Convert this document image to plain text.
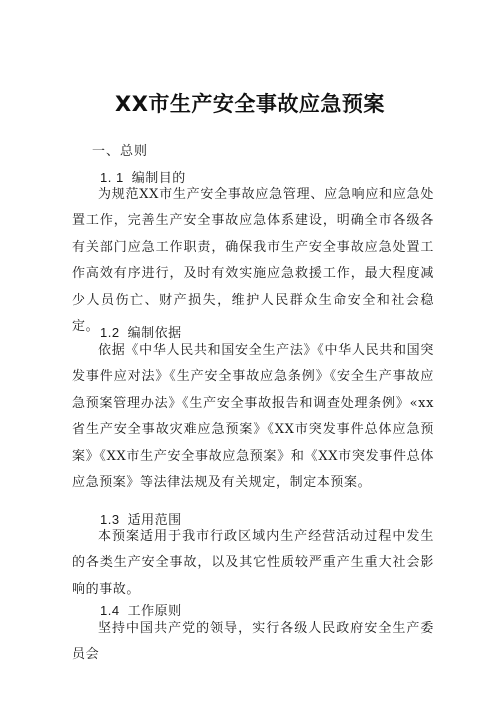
XX市生产安全事故应急预案
一、总则
1. 1 编制目的

为规范XX市生产安全事故应急管理、应急响应和应急处置工作，完善生产安全事故应急体系建设，明确全市各级各有关部门应急工作职责，确保我市生产安全事故应急处置工作高效有序进行，及时有效实施应急救援工作，最大程度减少人员伤亡、财产损失，维护人民群众生命安全和社会稳定。 1.2 编制依据

依据《中华人民共和国安全生产法》《中华人民共和国突发事件应对法》《生产安全事故应急条例》《安全生产事故应急预案管理办法》《生产安全事故报告和调查处理条例》«xx省生产安全事故灾难应急预案》《XX市突发事件总体应急预案》《XX市生产安全事故应急预案》和《XX市突发事件总体应急预案》等法律法规及有关规定，制定本预案。

1.3 适用范围

本预案适用于我市行政区域内生产经营活动过程中发生的各类生产安全事故，以及其它性质较严重产生重大社会影响的事故。

1.4 工作原则

坚持中国共产党的领导，实行各级人民政府安全生产委员会
